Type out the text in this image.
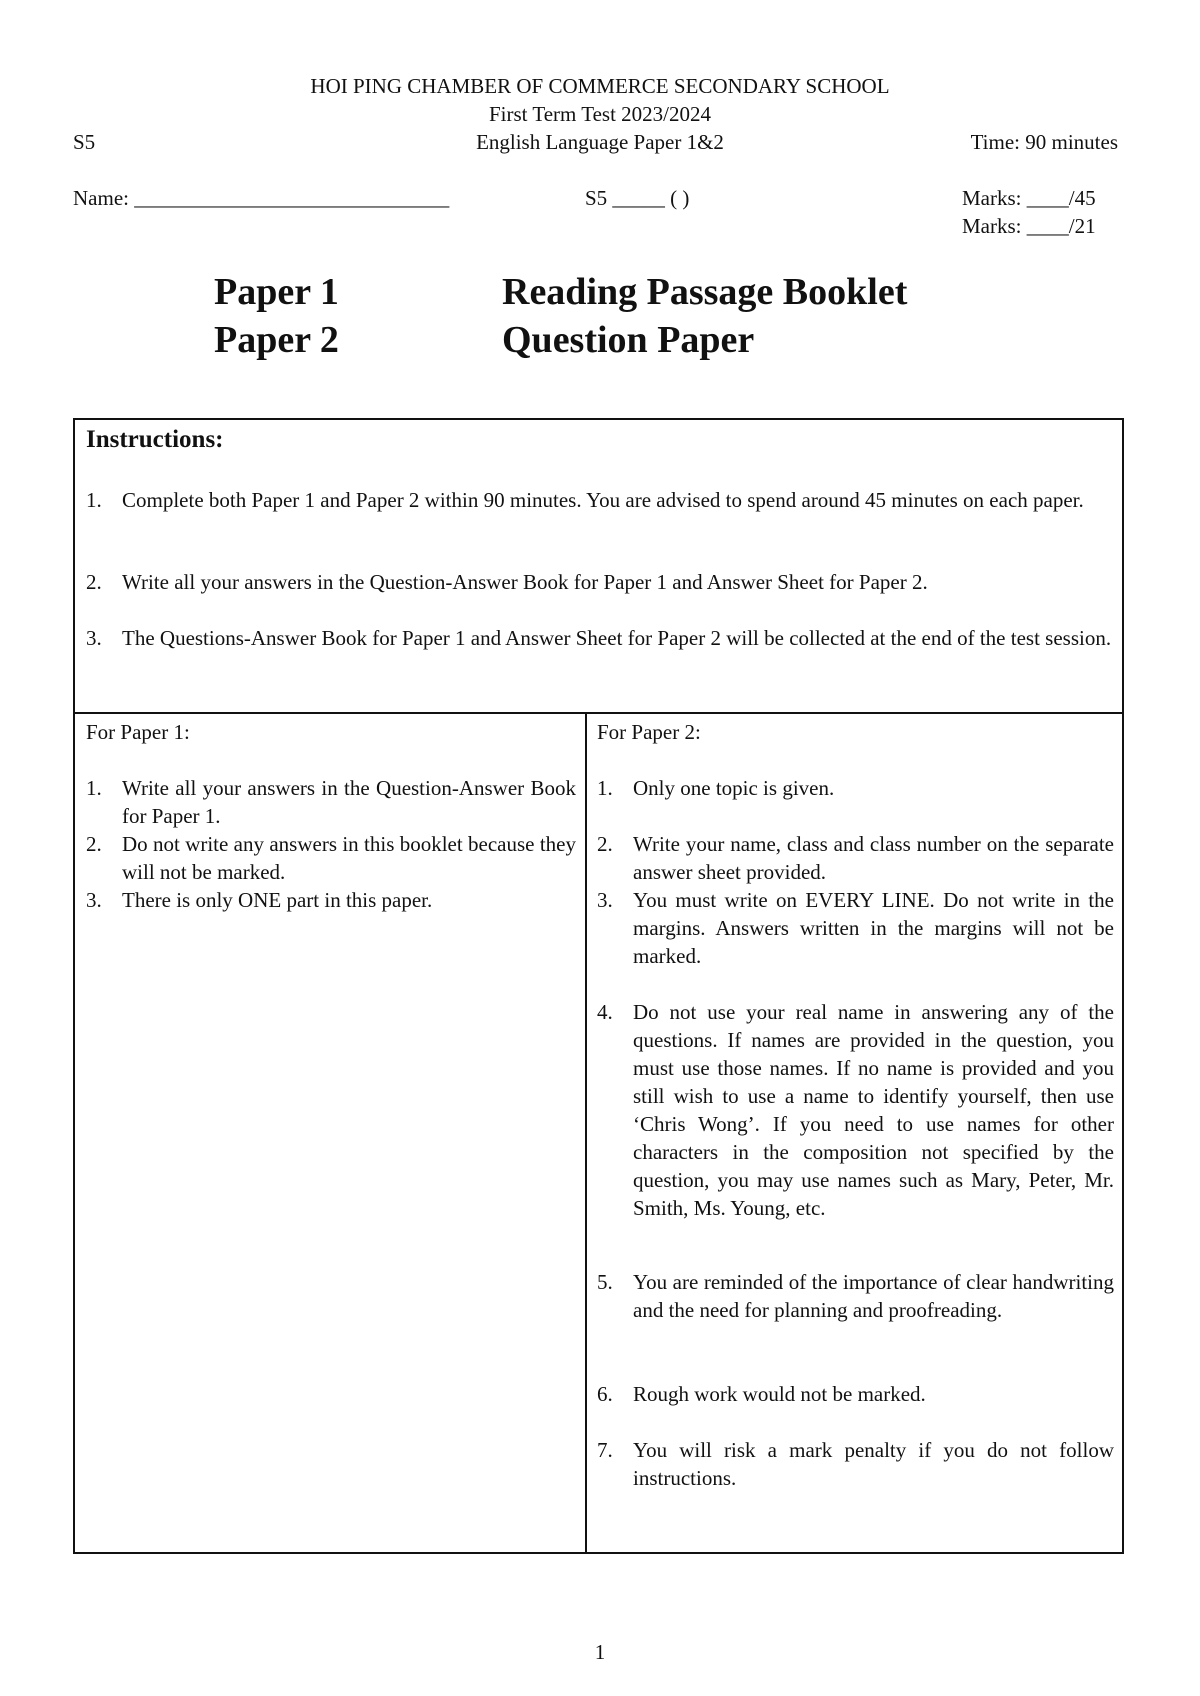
HOI PING CHAMBER OF COMMERCE SECONDARY SCHOOL
First Term Test 2023/2024
S5	English Language Paper 1&2	Time: 90 minutes
Name: ______________________________	S5 _____ ( )	Marks: ____/45
Marks: ____/21
Paper 1	Reading Passage Booklet
Paper 2	Question Paper
Instructions:
1. Complete both Paper 1 and Paper 2 within 90 minutes. You are advised to spend around 45 minutes on each paper.
2. Write all your answers in the Question-Answer Book for Paper 1 and Answer Sheet for Paper 2.
3. The Questions-Answer Book for Paper 1 and Answer Sheet for Paper 2 will be collected at the end of the test session.
For Paper 1:
1. Write all your answers in the Question-Answer Book for Paper 1.
2. Do not write any answers in this booklet because they will not be marked.
3. There is only ONE part in this paper.
For Paper 2:
1. Only one topic is given.
2. Write your name, class and class number on the separate answer sheet provided.
3. You must write on EVERY LINE. Do not write in the margins. Answers written in the margins will not be marked.
4. Do not use your real name in answering any of the questions. If names are provided in the question, you must use those names. If no name is provided and you still wish to use a name to identify yourself, then use ‘Chris Wong’. If you need to use names for other characters in the composition not specified by the question, you may use names such as Mary, Peter, Mr. Smith, Ms. Young, etc.
5. You are reminded of the importance of clear handwriting and the need for planning and proofreading.
6. Rough work would not be marked.
7. You will risk a mark penalty if you do not follow instructions.
1
